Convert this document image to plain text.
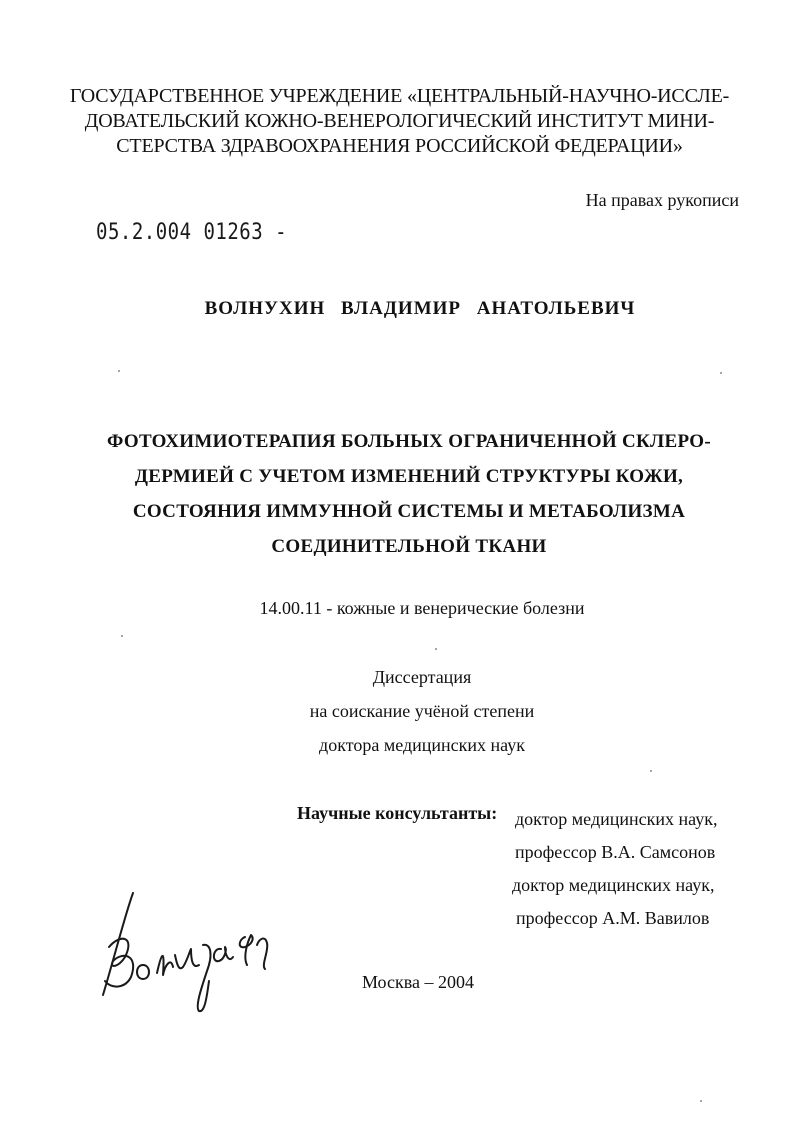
ГОСУДАРСТВЕННОЕ УЧРЕЖДЕНИЕ «ЦЕНТРАЛЬНЫЙ-НАУЧНО-ИССЛЕ-
ДОВАТЕЛЬСКИЙ КОЖНО-ВЕНЕРОЛОГИЧЕСКИЙ ИНСТИТУТ МИНИ-
СТЕРСТВА ЗДРАВООХРАНЕНИЯ РОССИЙСКОЙ ФЕДЕРАЦИИ»
На правах рукописи
05.2.004 01263 -
ВОЛНУХИН ВЛАДИМИР АНАТОЛЬЕВИЧ
ФОТОХИМИОТЕРАПИЯ БОЛЬНЫХ ОГРАНИЧЕННОЙ СКЛЕРО-
ДЕРМИЕЙ С УЧЕТОМ ИЗМЕНЕНИЙ СТРУКТУРЫ КОЖИ,
СОСТОЯНИЯ ИММУННОЙ СИСТЕМЫ И МЕТАБОЛИЗМА
СОЕДИНИТЕЛЬНОЙ ТКАНИ
14.00.11 - кожные и венерические болезни
Диссертация
на соискание учёной степени
доктора медицинских наук
Научные консультанты: доктор медицинских наук,
профессор В.А. Самсонов
доктор медицинских наук,
профессор А.М. Вавилов
Москва – 2004
